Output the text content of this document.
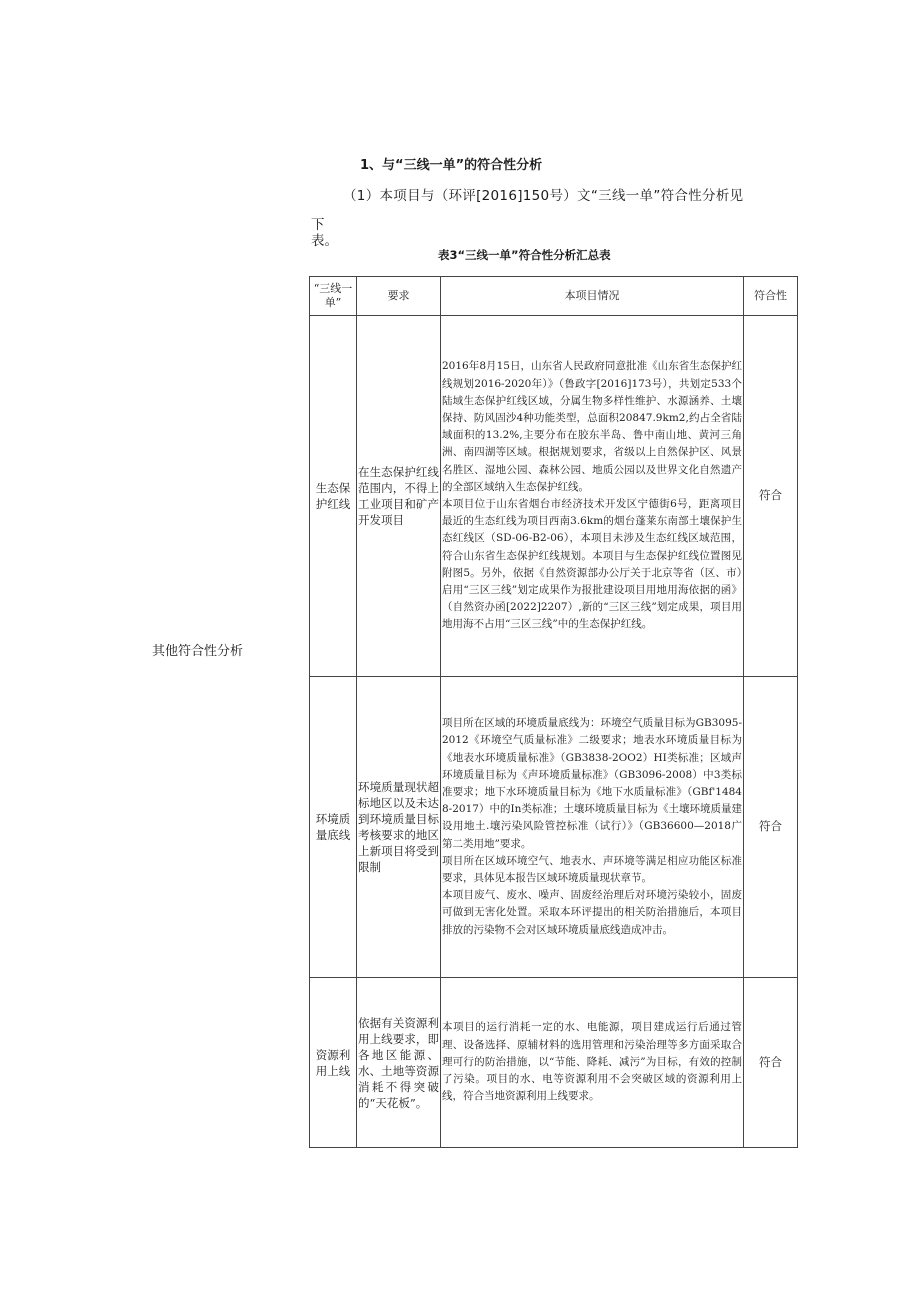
1、与“三线一单”的符合性分析
（1）本项目与（环评[2016]150号）文“三线一单”符合性分析见
下表。
表3“三线一单”符合性分析汇总表
其他符合性分析
“三线一单”	要求	本项目情况	符合性
生态保护红线	在生态保护红线范围内，不得上工业项目和矿产开发项目	2016年8月15日，山东省人民政府同意批准《山东省生态保护红线规划2016-2020年）》（鲁政字[2016]173号），共划定533个陆域生态保护红线区域，分属生物多样性维护、水源涵养、土壤保持、防风固沙4种功能类型，总面积20847.9km2,约占全省陆域面积的13.2%,主要分布在胶东半岛、鲁中南山地、黄河三角洲、南四湖等区域。根据规划要求，省级以上自然保护区、风景名胜区、湿地公园、森林公园、地质公园以及世界文化自然遗产的全部区域纳入生态保护红线。

本项目位于山东省烟台市经济技术开发区宁德街6号，距离项目最近的生态红线为项目西南3.6km的烟台蓬莱东南部土壤保护生态红线区（SD-06-B2-06），本项目未涉及生态红线区域范围，符合山东省生态保护红线规划。本项目与生态保护红线位置图见附图5。另外，依据《自然资源部办公厅关于北京等省（区、市）启用“三区三线”划定成果作为报批建设项目用地用海依据的函》（自然资办函[2022]2207）,新的“三区三线”划定成果，项目用地用海不占用“三区三线”中的生态保护红线。	符合
环境质量底线	环境质量现状超标地区以及未达到环境质量目标考核要求的地区上新项目将受到限制	项目所在区域的环境质量底线为：环境空气质量目标为GB3095-2012《环境空气质量标准》二级要求；地表水环境质量目标为《地表水环境质量标准》（GB3838-2OO2）HI类标准；区域声环境质量目标为《声环境质量标准》（GB3096-2008）中3类标准要求；地下水环境质量目标为《地下水质量标准》（GBf'14848-2017）中的In类标准；土壤环境质量目标为《土壤环境质量建设用地土.壤污染风险管控标准（试行）》（GB36600—2018广第二类用地”要求。

项目所在区域环境空气、地表水、声环境等满足相应功能区标准要求，具体见本报告区域环境质量现状章节。

本项目废气、废水、噪声、固废经治理后对环境污染较小，固废可做到无害化处置。采取本环评提出的相关防治措施后，本项目排放的污染物不会对区域环境质量底线造成冲击。	符合
资源利用上线	依据有关资源利用上线要求，即各地区能源、水、土地等资源消耗不得突破的“天花板”。	本项目的运行消耗一定的水、电能源，项目建成运行后通过管理、设备选择、原辅材料的选用管理和污染治理等多方面采取合理可行的防治措施，以“节能、降耗、减污”为目标，有效的控制了污染。项目的水、电等资源利用不会突破区域的资源利用上线，符合当地资源利用上线要求。	符合
